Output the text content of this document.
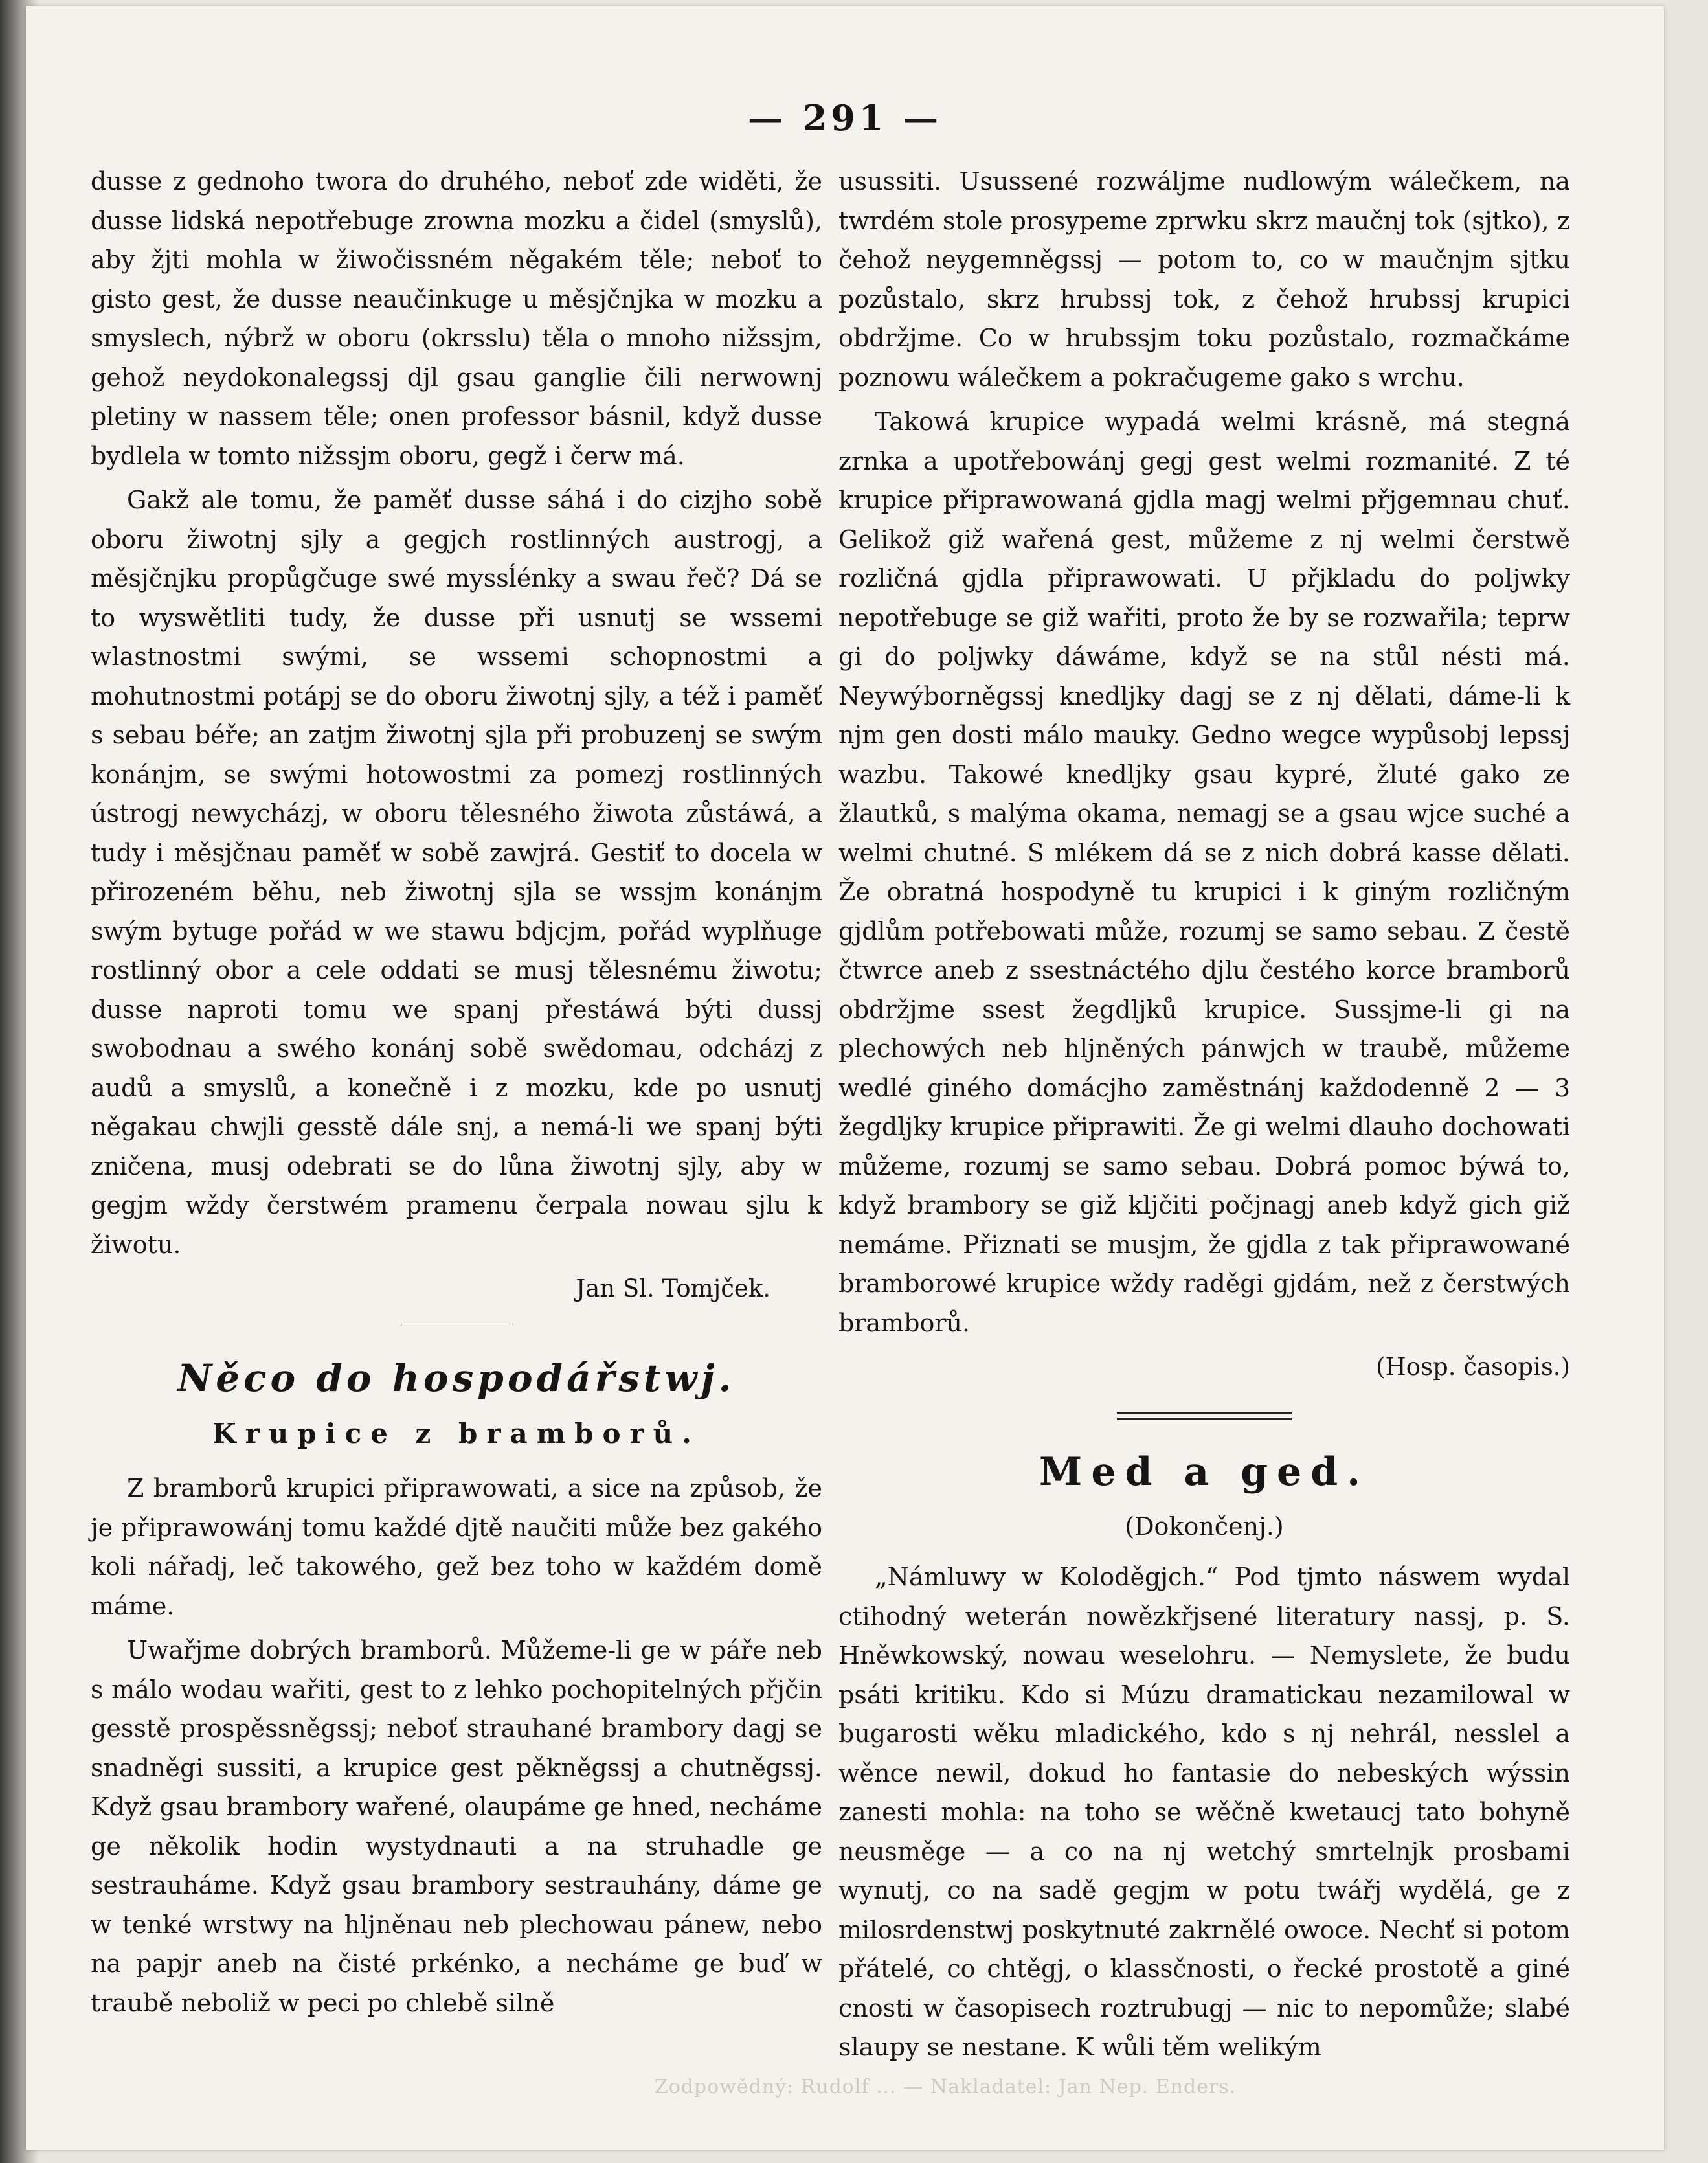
— 291 —

dusse z gednoho twora do druhého, neboť zde widěti, že dusse lidská nepotřebuge zrowna mozku a čidel (smyslů), aby žjti mohla w žiwočissném něgakém těle; neboť to gisto gest, že dusse neaučinkuge u měsjčnjka w mozku a smyslech, nýbrž w oboru (okrsslu) těla o mnoho nižssjm, gehož neydokonalegssj djl gsau ganglie čili nerwownj pletiny w nassem těle; onen professor básnil, když dusse bydlela w tomto nižssjm oboru, gegž i čerw má.

Gakž ale tomu, že paměť dusse sáhá i do cizjho sobě oboru žiwotnj sjly a gegjch rostlinných austrogj, a měsjčnjku propůgčuge swé myssĺénky a swau řeč? Dá se to wyswětliti tudy, že dusse při usnutj se wssemi wlastnostmi swými, se wssemi schopnostmi a mohutnostmi potápj se do oboru žiwotnj sjly, a též i paměť s sebau béře; an zatjm žiwotnj sjla při probuzenj se swým konánjm, se swými hotowostmi za pomezj rostlinných ústrogj newycházj, w oboru tělesného žiwota zůstáwá, a tudy i měsjčnau paměť w sobě zawjrá. Gestiť to docela w přirozeném běhu, neb žiwotnj sjla se wssjm konánjm swým bytuge pořád w we stawu bdjcjm, pořád wyplňuge rostlinný obor a cele oddati se musj tělesnému žiwotu; dusse naproti tomu we spanj přestáwá býti dussj swobodnau a swého konánj sobě swědomau, odcházj z audů a smyslů, a konečně i z mozku, kde po usnutj něgakau chwjli gesstě dále snj, a nemá-li we spanj býti zničena, musj odebrati se do lůna žiwotnj sjly, aby w gegjm wždy čerstwém pramenu čerpala nowau sjlu k žiwotu.

Jan Sl. Tomjček.
Něco do hospodářstwj.
Krupice z bramborů.

Z bramborů krupici připrawowati, a sice na způsob, že je připrawowánj tomu každé djtě naučiti může bez gakého koli nářadj, leč takowého, gež bez toho w každém domě máme.

Uwařjme dobrých bramborů. Můžeme-li ge w páře neb s málo wodau wařiti, gest to z lehko pochopitelných přjčin gesstě prospěssněgssj; neboť strauhané brambory dagj se snadněgi sussiti, a krupice gest pěkněgssj a chutněgssj. Když gsau brambory wařené, olaupáme ge hned, necháme ge několik hodin wystydnauti a na struhadle ge sestrauháme. Když gsau brambory sestrauhány, dáme ge w tenké wrstwy na hljněnau neb plechowau pánew, nebo na papjr aneb na čisté prkénko, a necháme ge buď w traubě neboliž w peci po chlebě silně

usussiti. Usussené rozwáljme nudlowým wálečkem, na twrdém stole prosypeme zprwku skrz maučnj tok (sjtko), z čehož neygemněgssj — potom to, co w maučnjm sjtku pozůstalo, skrz hrubssj tok, z čehož hrubssj krupici obdržjme. Co w hrubssjm toku pozůstalo, rozmačkáme poznowu wálečkem a pokračugeme gako s wrchu.

Takowá krupice wypadá welmi krásně, má stegná zrnka a upotřebowánj gegj gest welmi rozmanité. Z té krupice připrawowaná gjdla magj welmi přjgemnau chuť. Gelikož giž wařená gest, můžeme z nj welmi čerstwě rozličná gjdla připrawowati. U přjkladu do poljwky nepotřebuge se giž wařiti, proto že by se rozwařila; teprw gi do poljwky dáwáme, když se na stůl nésti má. Neywýborněgssj knedljky dagj se z nj dělati, dáme-li k njm gen dosti málo mauky. Gedno wegce wypůsobj lepssj wazbu. Takowé knedljky gsau kypré, žluté gako ze žlautků, s malýma okama, nemagj se a gsau wjce suché a welmi chutné. S mlékem dá se z nich dobrá kasse dělati. Že obratná hospodyně tu krupici i k giným rozličným gjdlům potřebowati může, rozumj se samo sebau. Z čestě čtwrce aneb z ssestnáctého djlu čestého korce bramborů obdržjme ssest žegdljků krupice. Sussjme-li gi na plechowých neb hljněných pánwjch w traubě, můžeme wedlé giného domácjho zaměstnánj každodenně 2 — 3 žegdljky krupice připrawiti. Že gi welmi dlauho dochowati můžeme, rozumj se samo sebau. Dobrá pomoc býwá to, když brambory se giž kljčiti počjnagj aneb když gich giž nemáme. Přiznati se musjm, že gjdla z tak připrawowané bramborowé krupice wždy raděgi gjdám, než z čerstwých bramborů.

(Hosp. časopis.)
Med a ged.
(Dokončenj.)

„Námluwy w Koloděgjch.“ Pod tjmto náswem wydal ctihodný weterán nowězkřjsené literatury nassj, p. S. Hněwkowský, nowau weselohru. — Nemyslete, že budu psáti kritiku. Kdo si Múzu dramatickau nezamilowal w bugarosti wěku mladického, kdo s nj nehrál, nesslel a wěnce newil, dokud ho fantasie do nebeských wýssin zanesti mohla: na toho se wěčně kwetaucj tato bohyně neusměge — a co na nj wetchý smrtelnjk prosbami wynutj, co na sadě gegjm w potu twářj wydělá, ge z milosrdenstwj poskytnuté zakrnělé owoce. Nechť si potom přátelé, co chtěgj, o klassčnosti, o řecké prostotě a giné cnosti w časopisech roztrubugj — nic to nepomůže; slabé slaupy se nestane. K wůli těm welikým

Zodpowědný: Rudolf ... — Nakladatel: Jan Nep. Enders.
